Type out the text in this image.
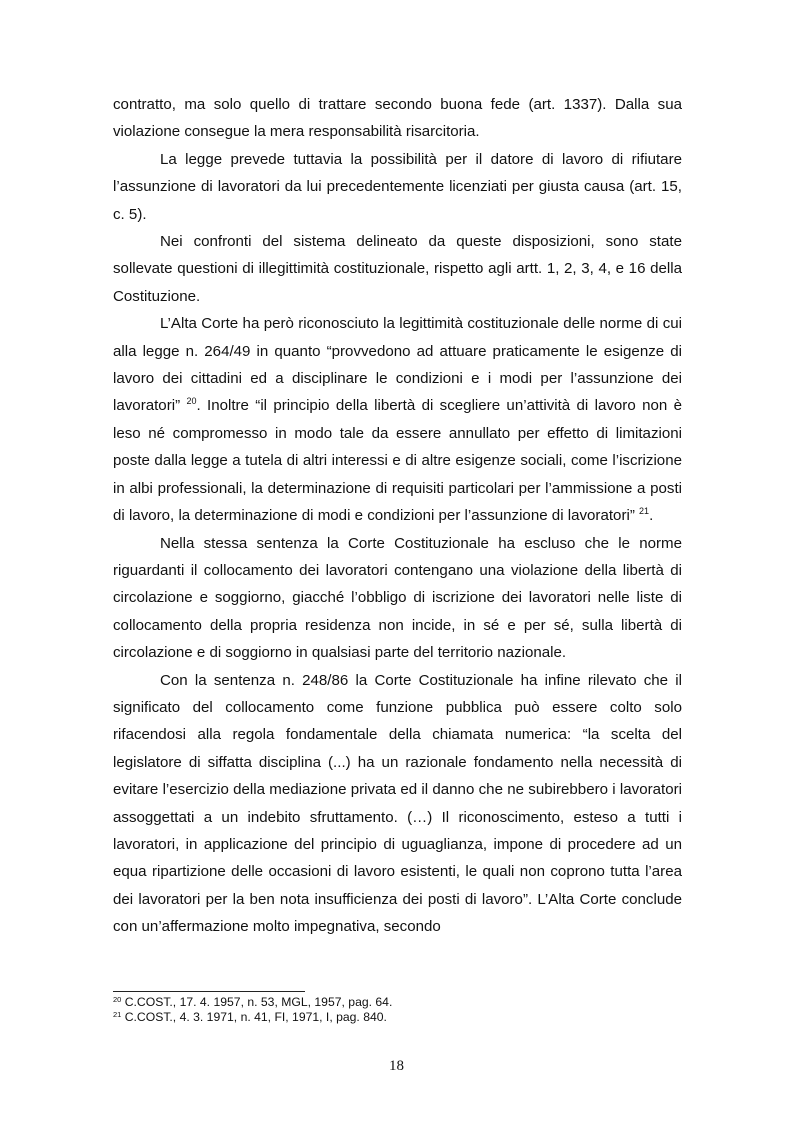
contratto, ma solo quello di trattare secondo buona fede (art. 1337). Dalla sua violazione consegue la mera responsabilità risarcitoria.

La legge prevede tuttavia la possibilità per il datore di lavoro di rifiutare l’assunzione di lavoratori da lui precedentemente licenziati per giusta causa (art. 15, c. 5).

Nei confronti del sistema delineato da queste disposizioni, sono state sollevate questioni di illegittimità costituzionale, rispetto agli artt. 1, 2, 3, 4, e 16 della Costituzione.

L’Alta Corte ha però riconosciuto la legittimità costituzionale delle norme di cui alla legge n. 264/49 in quanto “provvedono ad attuare praticamente le esigenze di lavoro dei cittadini ed a disciplinare le condizioni e i modi per l’assunzione dei lavoratori” $^{20}$. Inoltre “il principio della libertà di scegliere un’attività di lavoro non è leso né compromesso in modo tale da essere annullato per effetto di limitazioni poste dalla legge a tutela di altri interessi e di altre esigenze sociali, come l’iscrizione in albi professionali, la determinazione di requisiti particolari per l’ammissione a posti di lavoro, la determinazione di modi e condizioni per l’assunzione di lavoratori” $^{21}$.

Nella stessa sentenza la Corte Costituzionale ha escluso che le norme riguardanti il collocamento dei lavoratori contengano una violazione della libertà di circolazione e soggiorno, giacché l’obbligo di iscrizione dei lavoratori nelle liste di collocamento della propria residenza non incide, in sé e per sé, sulla libertà di circolazione e di soggiorno in qualsiasi parte del territorio nazionale.

Con la sentenza n. 248/86 la Corte Costituzionale ha infine rilevato che il significato del collocamento come funzione pubblica può essere colto solo rifacendosi alla regola fondamentale della chiamata numerica: “la scelta del legislatore di siffatta disciplina (...) ha un razionale fondamento nella necessità di evitare l’esercizio della mediazione privata ed il danno che ne subirebbero i lavoratori assoggettati a un indebito sfruttamento. (…) Il riconoscimento, esteso a tutti i lavoratori, in applicazione del principio di uguaglianza, impone di procedere ad un equa ripartizione delle occasioni di lavoro esistenti, le quali non coprono tutta l’area dei lavoratori per la ben nota insufficienza dei posti di lavoro”. L’Alta Corte conclude con un’affermazione molto impegnativa, secondo

$^{20}$ C.COST., 17. 4. 1957, n. 53, MGL, 1957, pag. 64.
$^{21}$ C.COST., 4. 3. 1971, n. 41, FI, 1971, I, pag. 840.
18
